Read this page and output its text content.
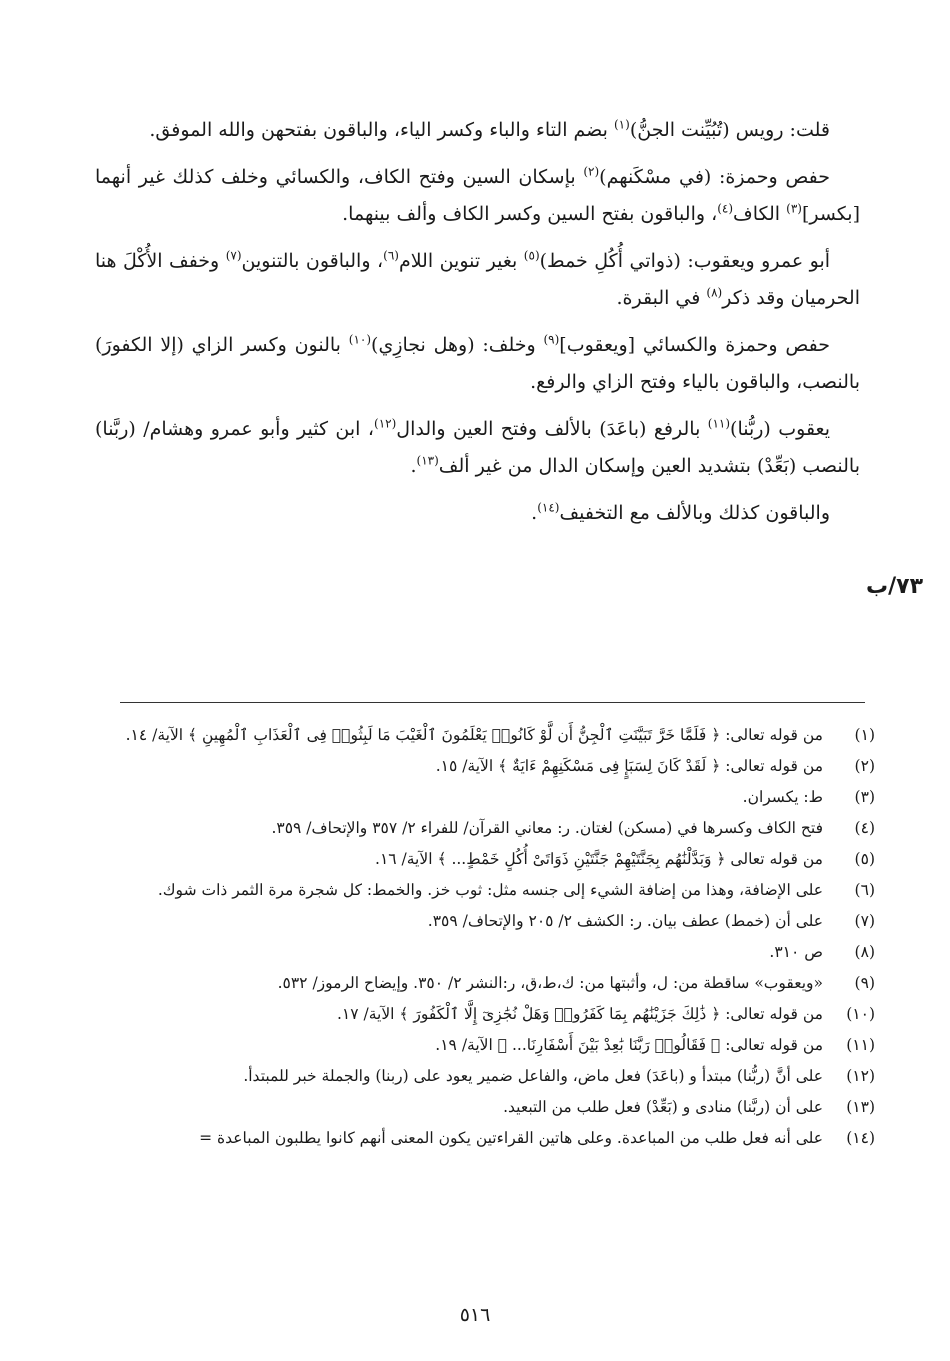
قلت: رويس (تُبُيِّنت الجنُّ)$^{(١)}$ بضم التاء والباء وكسر الياء، والباقون بفتحهن والله الموفق.

حفص وحمزة: (في مسْكَنهم)$^{(٢)}$ بإسكان السين وفتح الكاف، والكسائي وخلف كذلك غير أنهما [بكسر]$^{(٣)}$ الكاف$^{(٤)}$، والباقون بفتح السين وكسر الكاف وألف بينهما.

أبو عمرو ويعقوب: (ذواتي أُكُلِ خمط)$^{(٥)}$ بغير تنوين اللام$^{(٦)}$، والباقون بالتنوين$^{(٧)}$ وخفف الأُكْلَ هنا الحرميان وقد ذكر$^{(٨)}$ في البقرة.

حفص وحمزة والكسائي [ويعقوب]$^{(٩)}$ وخلف: (وهل نجازِي)$^{(١٠)}$ بالنون وكسر الزاي (إلا الكفورَ) بالنصب، والباقون بالياء وفتح الزاي والرفع.

يعقوب (ربُّنا)$^{(١١)}$ بالرفع (باعَدَ) بالألف وفتح العين والدال$^{(١٢)}$، ابن كثير وأبو عمرو وهشام/ (ربَّنا) بالنصب (بَعِّدْ) بتشديد العين وإسكان الدال من غير ألف$^{(١٣)}$.

والباقون كذلك وبالألف مع التخفيف$^{(١٤)}$.

٧٣/ب
(١)
من قوله تعالى: ﴿ فَلَمَّا خَرَّ تَبَيَّنَتِ ٱلْجِنُّ أَن لَّوْ كَانُوا۟ يَعْلَمُونَ ٱلْغَيْبَ مَا لَبِثُوا۟ فِى ٱلْعَذَابِ ٱلْمُهِينِ ﴾ الآية/ ١٤.
(٢)
من قوله تعالى: ﴿ لَقَدْ كَانَ لِسَبَإٍ فِى مَسْكَنِهِمْ ءَايَةٌ ﴾ الآية/ ١٥.
(٣)
ط: يكسران.
(٤)
فتح الكاف وكسرها في (مسكن) لغتان. ر: معاني القرآن/ للفراء ٢/ ٣٥٧ والإتحاف/ ٣٥٩.
(٥)
من قوله تعالى ﴿ وَبَدَّلْنَٰهُم بِجَنَّتَيْهِمْ جَنَّتَيْنِ ذَوَاتَىْ أُكُلٍ خَمْطٍ... ﴾ الآية/ ١٦.
(٦)
على الإضافة، وهذا من إضافة الشيء إلى جنسه مثل: ثوب خز. والخمط: كل شجرة مرة الثمر ذات شوك.
(٧)
على أن (خمط) عطف بيان. ر: الكشف ٢/ ٢٠٥ والإتحاف/ ٣٥٩.
(٨)
ص ٣١٠.
(٩)
«ويعقوب» ساقطة من: ل، وأثبتها من: ك،ط،ق، ر:النشر ٢/ ٣٥٠. وإيضاح الرموز/ ٥٣٢.
(١٠)
من قوله تعالى: ﴿ ذَٰلِكَ جَزَيْنَٰهُم بِمَا كَفَرُوا۟ وَهَلْ نُجَٰزِىٓ إِلَّا ٱلْكَفُورَ ﴾ الآية/ ١٧.
(١١)
من قوله تعالى: ﴿ فَقَالُوا۟ رَبَّنَا بَٰعِدْ بَيْنَ أَسْفَارِنَا... ﴾ الآية/ ١٩.
(١٢)
على أنَّ (ربُّنا) مبتدأ و (باعَدَ) فعل ماض، والفاعل ضمير يعود على (ربنا) والجملة خبر للمبتدأ.
(١٣)
على أن (ربَّنا) منادى و (بَعِّدْ) فعل طلب من التبعيد.
(١٤)
على أنه فعل طلب من المباعدة. وعلى هاتين القراءتين يكون المعنى أنهم كانوا يطلبون المباعدة =
٥١٦
